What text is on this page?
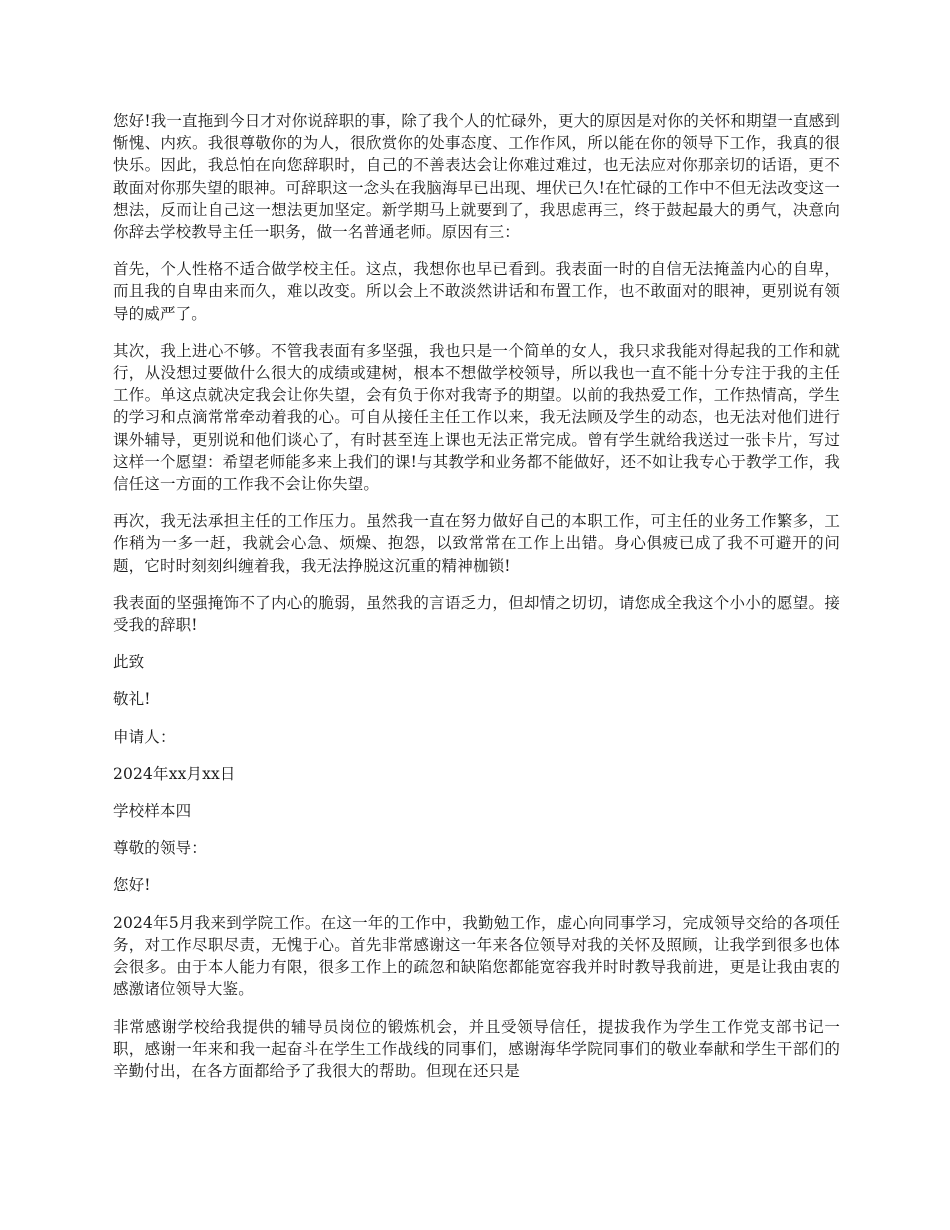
您好!我一直拖到今日才对你说辞职的事，除了我个人的忙碌外，更大的原因是对你的关怀和期望一直感到惭愧、内疚。我很尊敬你的为人，很欣赏你的处事态度、工作作风，所以能在你的领导下工作，我真的很快乐。因此，我总怕在向您辞职时，自己的不善表达会让你难过难过，也无法应对你那亲切的话语，更不敢面对你那失望的眼神。可辞职这一念头在我脑海早已出现、埋伏已久!在忙碌的工作中不但无法改变这一想法，反而让自己这一想法更加坚定。新学期马上就要到了，我思虑再三，终于鼓起最大的勇气，决意向你辞去学校教导主任一职务，做一名普通老师。原因有三：

首先，个人性格不适合做学校主任。这点，我想你也早已看到。我表面一时的自信无法掩盖内心的自卑，而且我的自卑由来而久，难以改变。所以会上不敢淡然讲话和布置工作，也不敢面对的眼神，更别说有领导的威严了。

其次，我上进心不够。不管我表面有多坚强，我也只是一个简单的女人，我只求我能对得起我的工作和就行，从没想过要做什么很大的成绩或建树，根本不想做学校领导，所以我也一直不能十分专注于我的主任工作。单这点就决定我会让你失望，会有负于你对我寄予的期望。以前的我热爱工作，工作热情高，学生的学习和点滴常常牵动着我的心。可自从接任主任工作以来，我无法顾及学生的动态，也无法对他们进行课外辅导，更别说和他们谈心了，有时甚至连上课也无法正常完成。曾有学生就给我送过一张卡片，写过这样一个愿望：希望老师能多来上我们的课!与其教学和业务都不能做好，还不如让我专心于教学工作，我信任这一方面的工作我不会让你失望。

再次，我无法承担主任的工作压力。虽然我一直在努力做好自己的本职工作，可主任的业务工作繁多，工作稍为一多一赶，我就会心急、烦燥、抱怨，以致常常在工作上出错。身心俱疲已成了我不可避开的问题，它时时刻刻纠缠着我，我无法挣脱这沉重的精神枷锁!

我表面的坚强掩饰不了内心的脆弱，虽然我的言语乏力，但却情之切切，请您成全我这个小小的愿望。接受我的辞职!

此致

敬礼!

申请人：

2024年xx月xx日

学校样本四

尊敬的领导：

您好!

2024年5月我来到学院工作。在这一年的工作中，我勤勉工作，虚心向同事学习，完成领导交给的各项任务，对工作尽职尽责，无愧于心。首先非常感谢这一年来各位领导对我的关怀及照顾，让我学到很多也体会很多。由于本人能力有限，很多工作上的疏忽和缺陷您都能宽容我并时时教导我前进，更是让我由衷的感激诸位领导大鉴。

非常感谢学校给我提供的辅导员岗位的锻炼机会，并且受领导信任，提拔我作为学生工作党支部书记一职，感谢一年来和我一起奋斗在学生工作战线的同事们，感谢海华学院同事们的敬业奉献和学生干部们的辛勤付出，在各方面都给予了我很大的帮助。但现在还只是
